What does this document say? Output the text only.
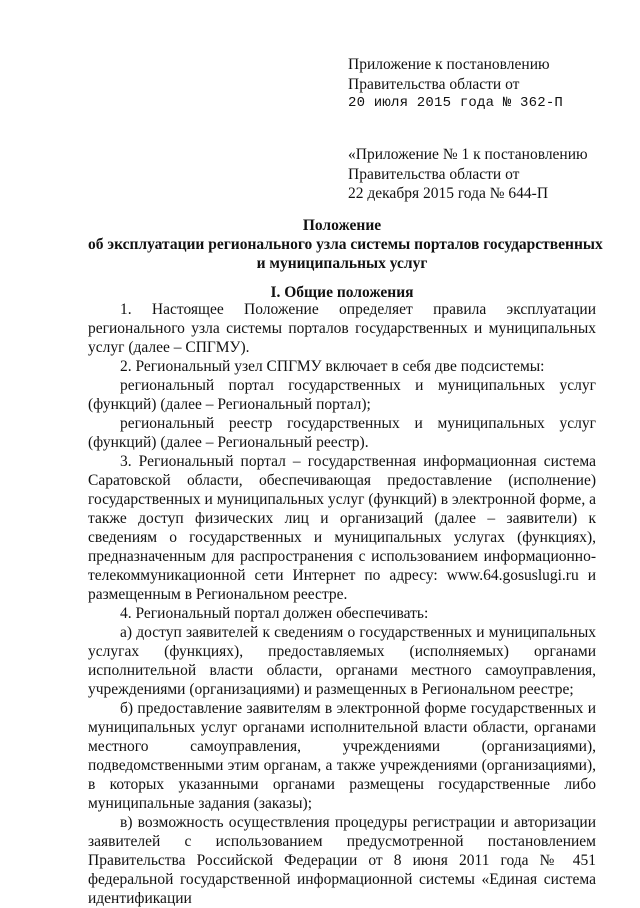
Приложение к постановлению
Правительства области от
20 июля 2015 года № 362-П
«Приложение № 1 к постановлению
Правительства области от
22 декабря 2015 года № 644-П
Положение
об эксплуатации регионального узла системы порталов государственных
и муниципальных услуг
I. Общие положения

1. Настоящее Положение определяет правила эксплуатации регионального узла системы порталов государственных и муниципальных услуг (далее – СПГМУ).

2. Региональный узел СПГМУ включает в себя две подсистемы:

региональный портал государственных и муниципальных услуг (функций) (далее – Региональный портал);

региональный реестр государственных и муниципальных услуг (функций) (далее – Региональный реестр).

3. Региональный портал – государственная информационная система Саратовской области, обеспечивающая предоставление (исполнение) государственных и муниципальных услуг (функций) в электронной форме, а также доступ физических лиц и организаций (далее – заявители) к сведениям о государственных и муниципальных услугах (функциях), предназначенным для распространения с использованием информационно-телекоммуникационной сети Интернет по адресу: www.64.gosuslugi.ru и размещенным в Региональном реестре.

4. Региональный портал должен обеспечивать:

а) доступ заявителей к сведениям о государственных и муниципальных услугах (функциях), предоставляемых (исполняемых) органами исполнительной власти области, органами местного самоуправления, учреждениями (организациями) и размещенных в Региональном реестре;

б) предоставление заявителям в электронной форме государственных и муниципальных услуг органами исполнительной власти области, органами местного самоуправления, учреждениями (организациями), подведомственными этим органам, а также учреждениями (организациями), в которых указанными органами размещены государственные либо муниципальные задания (заказы);

в) возможность осуществления процедуры регистрации и авторизации заявителей с использованием предусмотренной постановлением Правительства Российской Федерации от 8 июня 2011 года № 451 федеральной государственной информационной системы «Единая система идентификации
